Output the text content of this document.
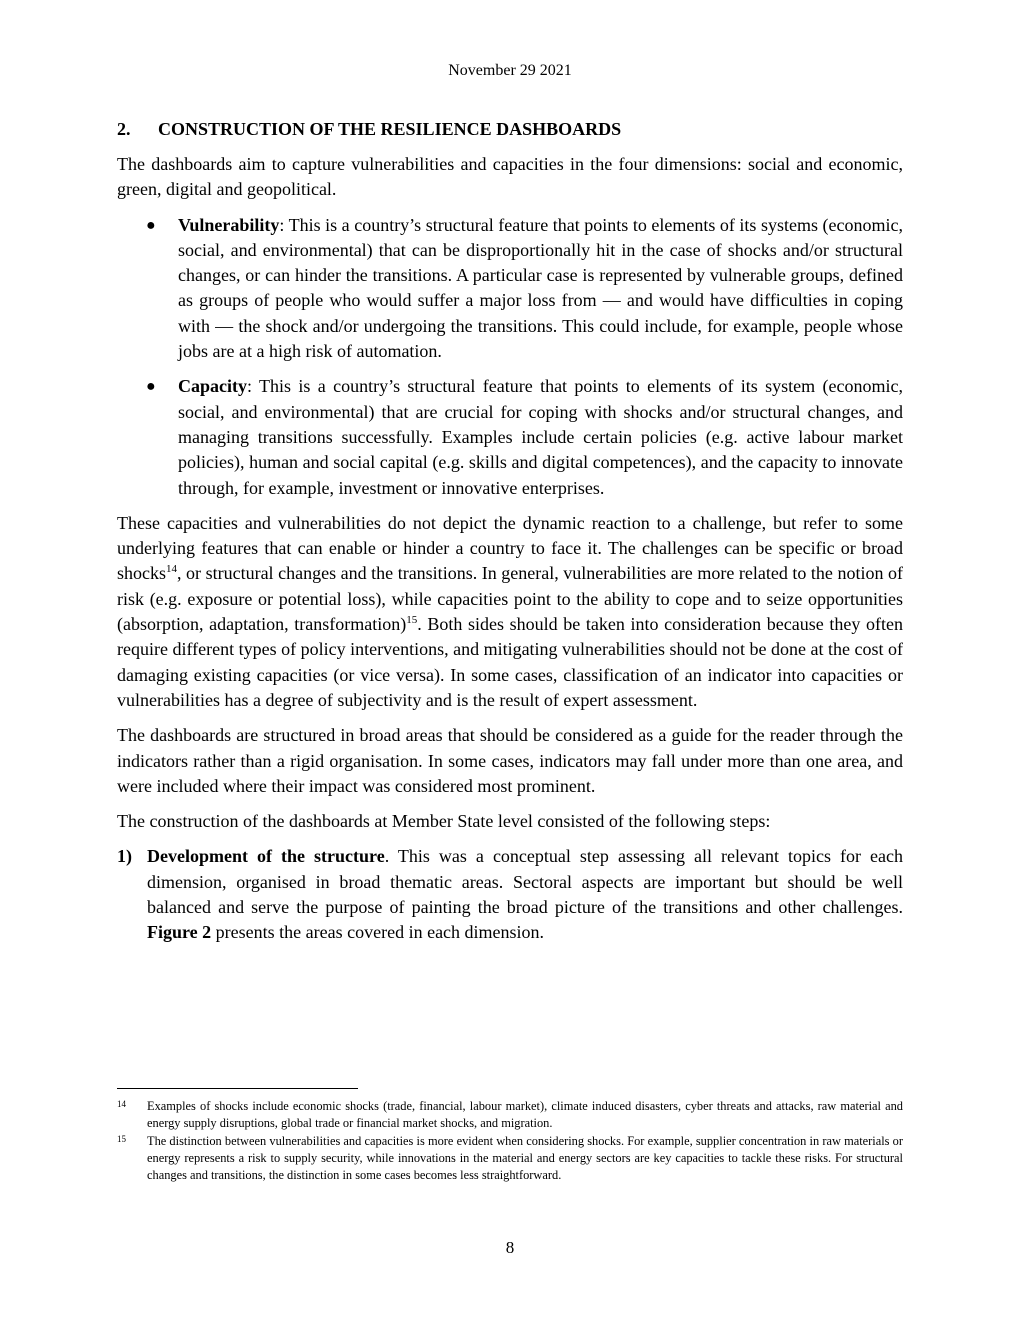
November 29 2021
2. CONSTRUCTION OF THE RESILIENCE DASHBOARDS

The dashboards aim to capture vulnerabilities and capacities in the four dimensions: social and economic, green, digital and geopolitical.

● Vulnerability: This is a country’s structural feature that points to elements of its systems (economic, social, and environmental) that can be disproportionally hit in the case of shocks and/or structural changes, or can hinder the transitions. A particular case is represented by vulnerable groups, defined as groups of people who would suffer a major loss from — and would have difficulties in coping with — the shock and/or undergoing the transitions. This could include, for example, people whose jobs are at a high risk of automation.
● Capacity: This is a country’s structural feature that points to elements of its system (economic, social, and environmental) that are crucial for coping with shocks and/or structural changes, and managing transitions successfully. Examples include certain policies (e.g. active labour market policies), human and social capital (e.g. skills and digital competences), and the capacity to innovate through, for example, investment or innovative enterprises.

These capacities and vulnerabilities do not depict the dynamic reaction to a challenge, but refer to some underlying features that can enable or hinder a country to face it. The challenges can be specific or broad shocks$^{14}$, or structural changes and the transitions. In general, vulnerabilities are more related to the notion of risk (e.g. exposure or potential loss), while capacities point to the ability to cope and to seize opportunities (absorption, adaptation, transformation)$^{15}$. Both sides should be taken into consideration because they often require different types of policy interventions, and mitigating vulnerabilities should not be done at the cost of damaging existing capacities (or vice versa). In some cases, classification of an indicator into capacities or vulnerabilities has a degree of subjectivity and is the result of expert assessment.

The dashboards are structured in broad areas that should be considered as a guide for the reader through the indicators rather than a rigid organisation. In some cases, indicators may fall under more than one area, and were included where their impact was considered most prominent.

The construction of the dashboards at Member State level consisted of the following steps:

1) Development of the structure. This was a conceptual step assessing all relevant topics for each dimension, organised in broad thematic areas. Sectoral aspects are important but should be well balanced and serve the purpose of painting the broad picture of the transitions and other challenges. Figure 2 presents the areas covered in each dimension.
14 Examples of shocks include economic shocks (trade, financial, labour market), climate induced disasters, cyber threats and attacks, raw material and energy supply disruptions, global trade or financial market shocks, and migration.
15 The distinction between vulnerabilities and capacities is more evident when considering shocks. For example, supplier concentration in raw materials or energy represents a risk to supply security, while innovations in the material and energy sectors are key capacities to tackle these risks. For structural changes and transitions, the distinction in some cases becomes less straightforward.
8
